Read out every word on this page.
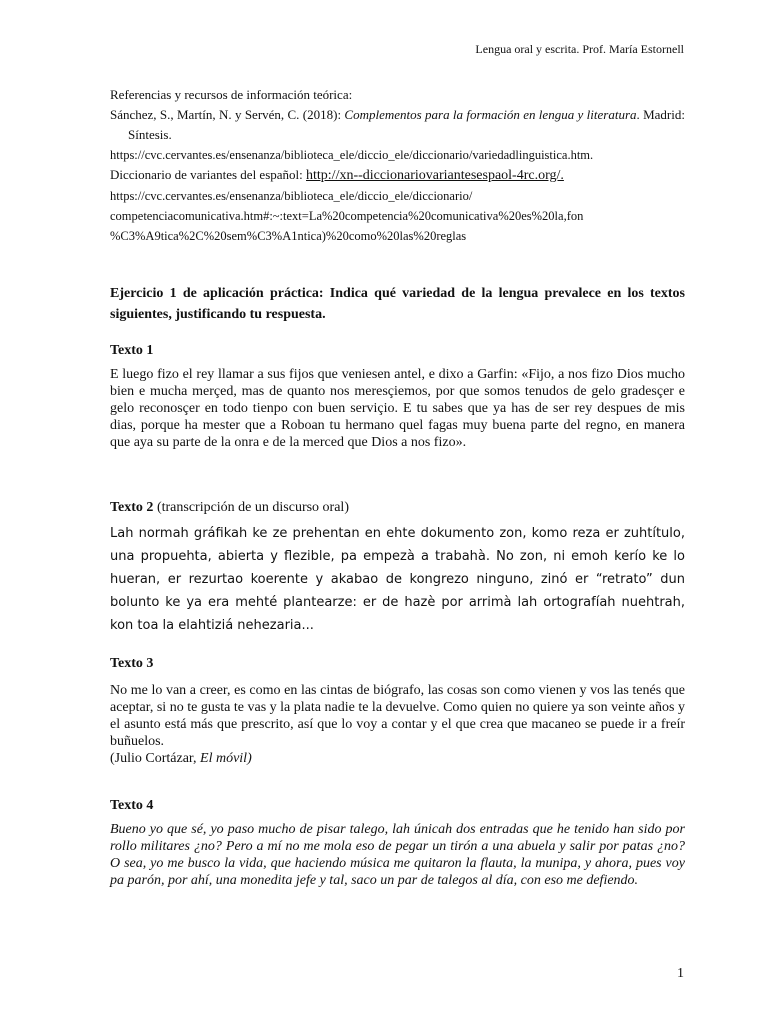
Lengua oral y escrita. Prof. María Estornell

Referencias y recursos de información teórica:

Sánchez, S., Martín, N. y Servén, C. (2018): Complementos para la formación en lengua y literatura. Madrid: Síntesis.

https://cvc.cervantes.es/ensenanza/biblioteca_ele/diccio_ele/diccionario/variedadlinguistica.htm.

Diccionario de variantes del español: http://xn--diccionariovariantesespaol-4rc.org/.

https://cvc.cervantes.es/ensenanza/biblioteca_ele/diccio_ele/diccionario/

competenciacomunicativa.htm#:~:text=La%20competencia%20comunicativa%20es%20la,fon

%C3%A9tica%2C%20sem%C3%A1ntica)%20como%20las%20reglas

Ejercicio 1 de aplicación práctica: Indica qué variedad de la lengua prevalece en los textos siguientes, justificando tu respuesta.
Texto 1
E luego fizo el rey llamar a sus fijos que veniesen antel, e dixo a Garfin: «Fijo, a nos fizo Dios mucho bien e mucha merçed, mas de quanto nos meresçiemos, por que somos tenudos de gelo gradesçer e gelo reconosçer en todo tienpo con buen serviçio. E tu sabes que ya has de ser rey despues de mis dias, porque ha mester que a Roboan tu hermano quel fagas muy buena parte del regno, en manera que aya su parte de la onra e de la merced que Dios a nos fizo».
Texto 2 (transcripción de un discurso oral)
Lah normah gráfikah ke ze prehentan en ehte dokumento zon, komo reza er zuhtítulo, una propuehta, abierta y flezible, pa empezà a trabahà. No zon, ni emoh kerío ke lo hueran, er rezurtao koerente y akabao de kongrezo ninguno, zinó er “retrato” dun bolunto ke ya era mehté plantearze: er de hazè por arrimà lah ortografíah nuehtrah, kon toa la elahtiziá nehezaria...
Texto 3
No me lo van a creer, es como en las cintas de biógrafo, las cosas son como vienen y vos las tenés que aceptar, si no te gusta te vas y la plata nadie te la devuelve. Como quien no quiere ya son veinte años y el asunto está más que prescrito, así que lo voy a contar y el que crea que macaneo se puede ir a freír buñuelos.
(Julio Cortázar, El móvil)
Texto 4
Bueno yo que sé, yo paso mucho de pisar talego, lah únicah dos entradas que he tenido han sido por rollo militares ¿no? Pero a mí no me mola eso de pegar un tirón a una abuela y salir por patas ¿no? O sea, yo me busco la vida, que haciendo música me quitaron la flauta, la munipa, y ahora, pues voy pa parón, por ahí, una monedita jefe y tal, saco un par de talegos al día, con eso me defiendo.
1
